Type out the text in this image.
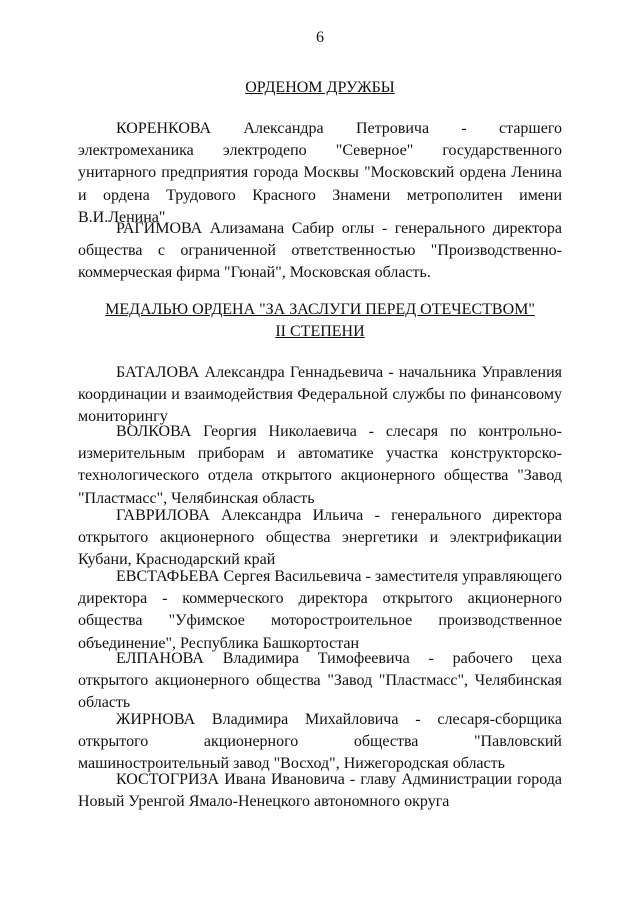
6
ОРДЕНОМ ДРУЖБЫ

КОРЕНКОВА Александра Петровича - старшего электромеханика электродепо "Северное" государственного унитарного предприятия города Москвы "Московский ордена Ленина и ордена Трудового Красного Знамени метрополитен имени В.И.Ленина"

РАГИМОВА Ализамана Сабир оглы - генерального директора общества с ограниченной ответственностью "Производственно-коммерческая фирма "Гюнай", Московская область.

МЕДАЛЬЮ ОРДЕНА "ЗА ЗАСЛУГИ ПЕРЕД ОТЕЧЕСТВОМ"
II СТЕПЕНИ

БАТАЛОВА Александра Геннадьевича - начальника Управления координации и взаимодействия Федеральной службы по финансовому мониторингу

ВОЛКОВА Георгия Николаевича - слесаря по контрольно-измерительным приборам и автоматике участка конструкторско-технологического отдела открытого акционерного общества "Завод "Пластмасс", Челябинская область

ГАВРИЛОВА Александра Ильича - генерального директора открытого акционерного общества энергетики и электрификации Кубани, Краснодарский край

ЕВСТАФЬЕВА Сергея Васильевича - заместителя управляющего директора - коммерческого директора открытого акционерного общества "Уфимское моторостроительное производственное объединение", Республика Башкортостан

ЕЛПАНОВА Владимира Тимофеевича - рабочего цеха открытого акционерного общества "Завод "Пластмасс", Челябинская область

ЖИРНОВА Владимира Михайловича - слесаря-сборщика открытого акционерного общества "Павловский машиностроительный завод "Восход", Нижегородская область

КОСТОГРИЗА Ивана Ивановича - главу Администрации города Новый Уренгой Ямало-Ненецкого автономного округа
